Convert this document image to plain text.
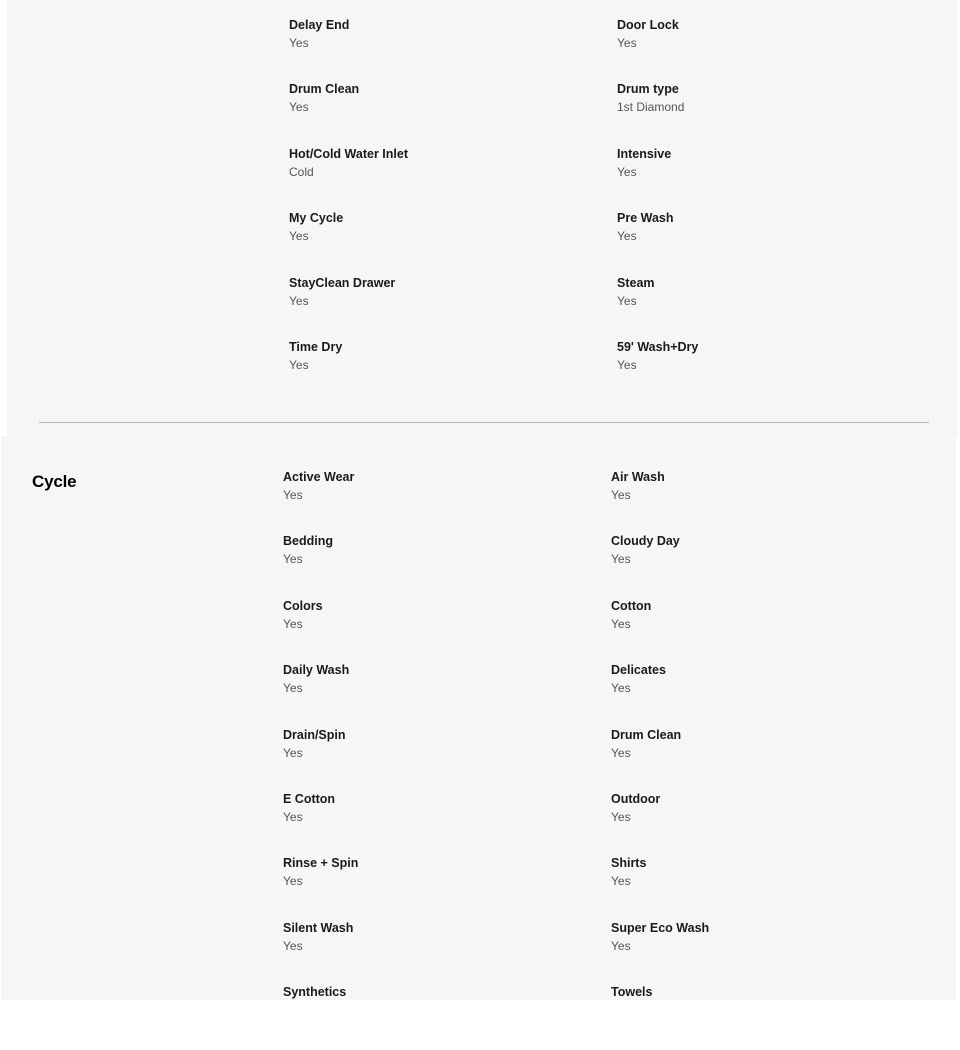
Delay End
Yes
Door Lock
Yes
Drum Clean
Yes
Drum type
1st Diamond
Hot/Cold Water Inlet
Cold
Intensive
Yes
My Cycle
Yes
Pre Wash
Yes
StayClean Drawer
Yes
Steam
Yes
Time Dry
Yes
59' Wash+Dry
Yes
Cycle	Active Wear
Yes
Air Wash
Yes
Bedding
Yes
Cloudy Day
Yes
Colors
Yes
Cotton
Yes
Daily Wash
Yes
Delicates
Yes
Drain/Spin
Yes
Drum Clean
Yes
E Cotton
Yes
Outdoor
Yes
Rinse + Spin
Yes
Shirts
Yes
Silent Wash
Yes
Super Eco Wash
Yes
Synthetics	Towels
